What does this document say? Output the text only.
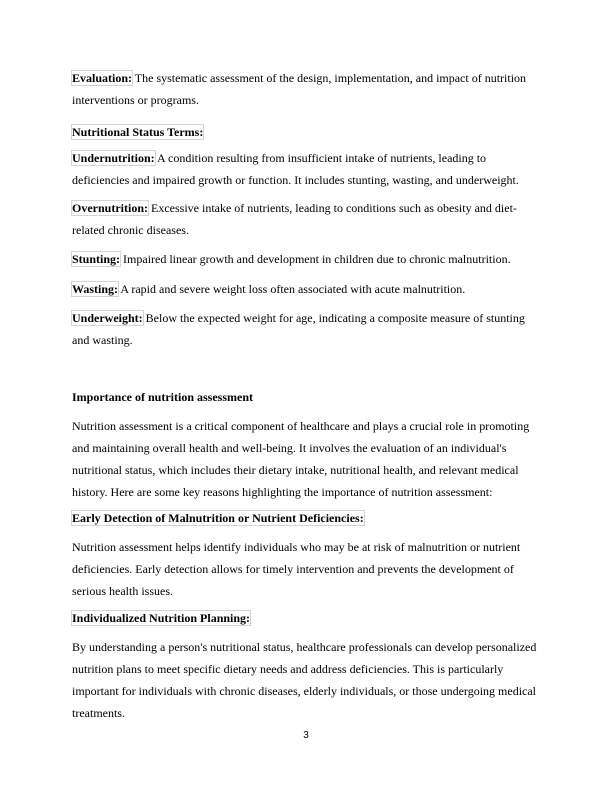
Evaluation: The systematic assessment of the design, implementation, and impact of nutrition interventions or programs.

Nutritional Status Terms:

Undernutrition: A condition resulting from insufficient intake of nutrients, leading to deficiencies and impaired growth or function. It includes stunting, wasting, and underweight.

Overnutrition: Excessive intake of nutrients, leading to conditions such as obesity and diet-related chronic diseases.

Stunting: Impaired linear growth and development in children due to chronic malnutrition.

Wasting: A rapid and severe weight loss often associated with acute malnutrition.

Underweight: Below the expected weight for age, indicating a composite measure of stunting and wasting.

Importance of nutrition assessment

Nutrition assessment is a critical component of healthcare and plays a crucial role in promoting and maintaining overall health and well-being. It involves the evaluation of an individual's nutritional status, which includes their dietary intake, nutritional health, and relevant medical history. Here are some key reasons highlighting the importance of nutrition assessment:

Early Detection of Malnutrition or Nutrient Deficiencies:

Nutrition assessment helps identify individuals who may be at risk of malnutrition or nutrient deficiencies. Early detection allows for timely intervention and prevents the development of serious health issues.

Individualized Nutrition Planning:

By understanding a person's nutritional status, healthcare professionals can develop personalized nutrition plans to meet specific dietary needs and address deficiencies. This is particularly important for individuals with chronic diseases, elderly individuals, or those undergoing medical treatments.

3
